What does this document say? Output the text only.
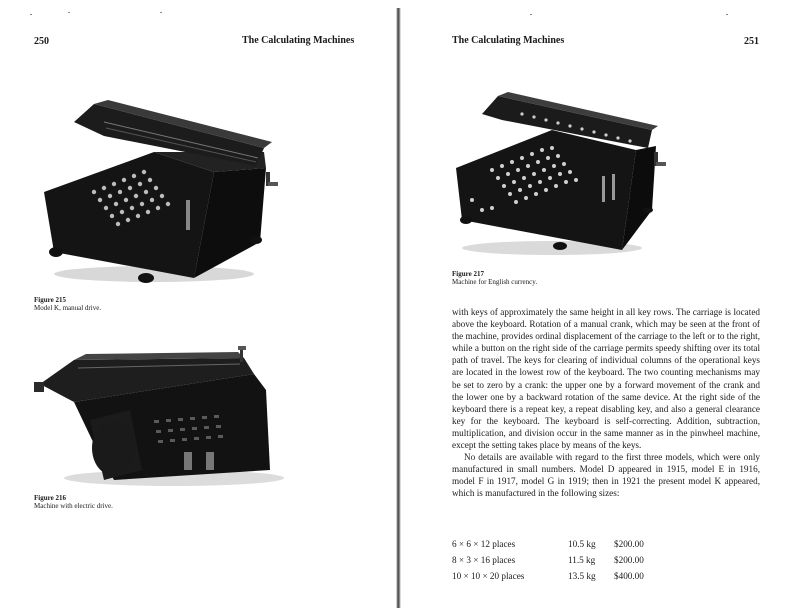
250	The Calculating Machines
Figure 215
Model K, manual drive.
Figure 216
Machine with electric drive.
The Calculating Machines	251
Figure 217
Machine for English currency.

with keys of approximately the same height in all key rows. The carriage is located above the keyboard. Rotation of a manual crank, which may be seen at the front of the machine, provides ordinal displacement of the carriage to the left or to the right, while a button on the right side of the carriage permits speedy shifting over its total path of travel. The keys for clearing of individual columns of the operational keys are located in the lowest row of the keyboard. The two counting mechanisms may be set to zero by a crank: the upper one by a forward movement of the crank and the lower one by a backward rotation of the same device. At the right side of the keyboard there is a repeat key, a repeat disabling key, and also a general clearance key for the keyboard. The keyboard is self-correcting. Addition, subtraction, multiplication, and division occur in the same manner as in the pinwheel machine, except the setting takes place by means of the keys.

No details are available with regard to the first three models, which were only manufactured in small numbers. Model D appeared in 1915, model E in 1916, model F in 1917, model G in 1919; then in 1921 the present model K appeared, which is manufactured in the following sizes:

6 × 6 × 12 places	10.5 kg	$200.00
8 × 3 × 16 places	11.5 kg	$200.00
10 × 10 × 20 places	13.5 kg	$400.00
